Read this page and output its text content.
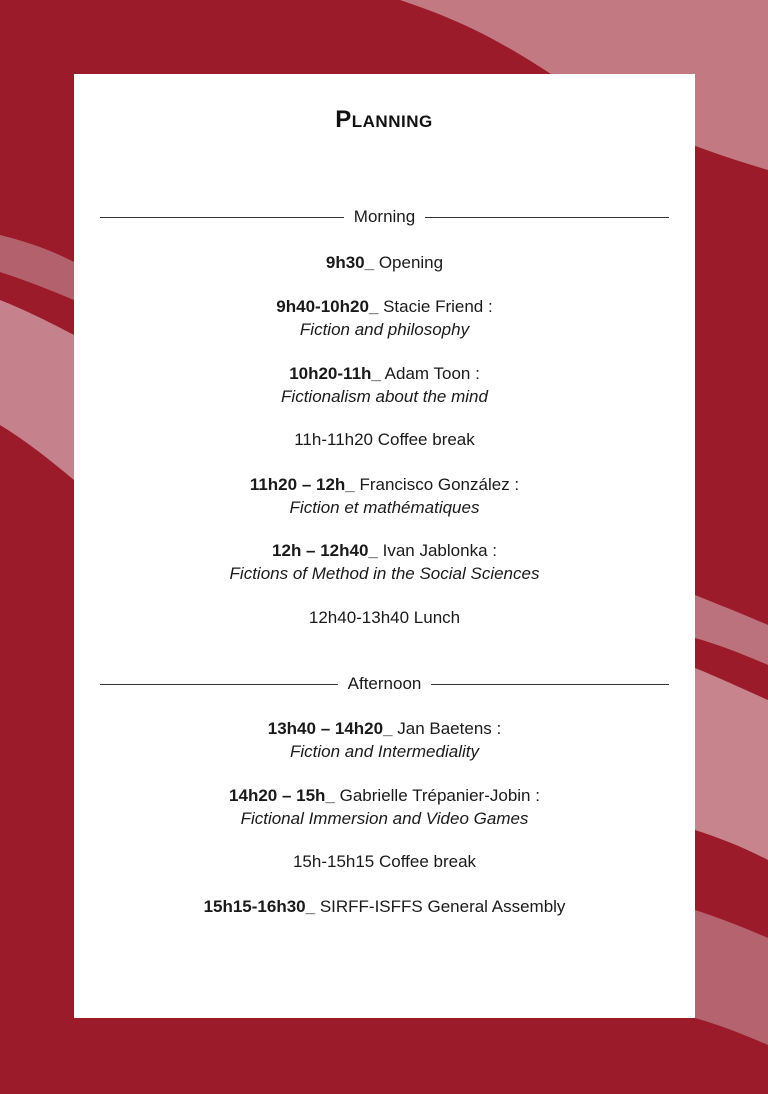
Planning
Morning
9h30_ Opening
9h40-10h20_ Stacie Friend :
Fiction and philosophy
10h20-11h_ Adam Toon :
Fictionalism about the mind
11h-11h20 Coffee break
11h20 – 12h_ Francisco González :
Fiction et mathématiques
12h – 12h40_ Ivan Jablonka :
Fictions of Method in the Social Sciences
12h40-13h40 Lunch
Afternoon
13h40 – 14h20_ Jan Baetens :
Fiction and Intermediality
14h20 – 15h_ Gabrielle Trépanier-Jobin :
Fictional Immersion and Video Games
15h-15h15 Coffee break
15h15-16h30_ SIRFF-ISFFS General Assembly
